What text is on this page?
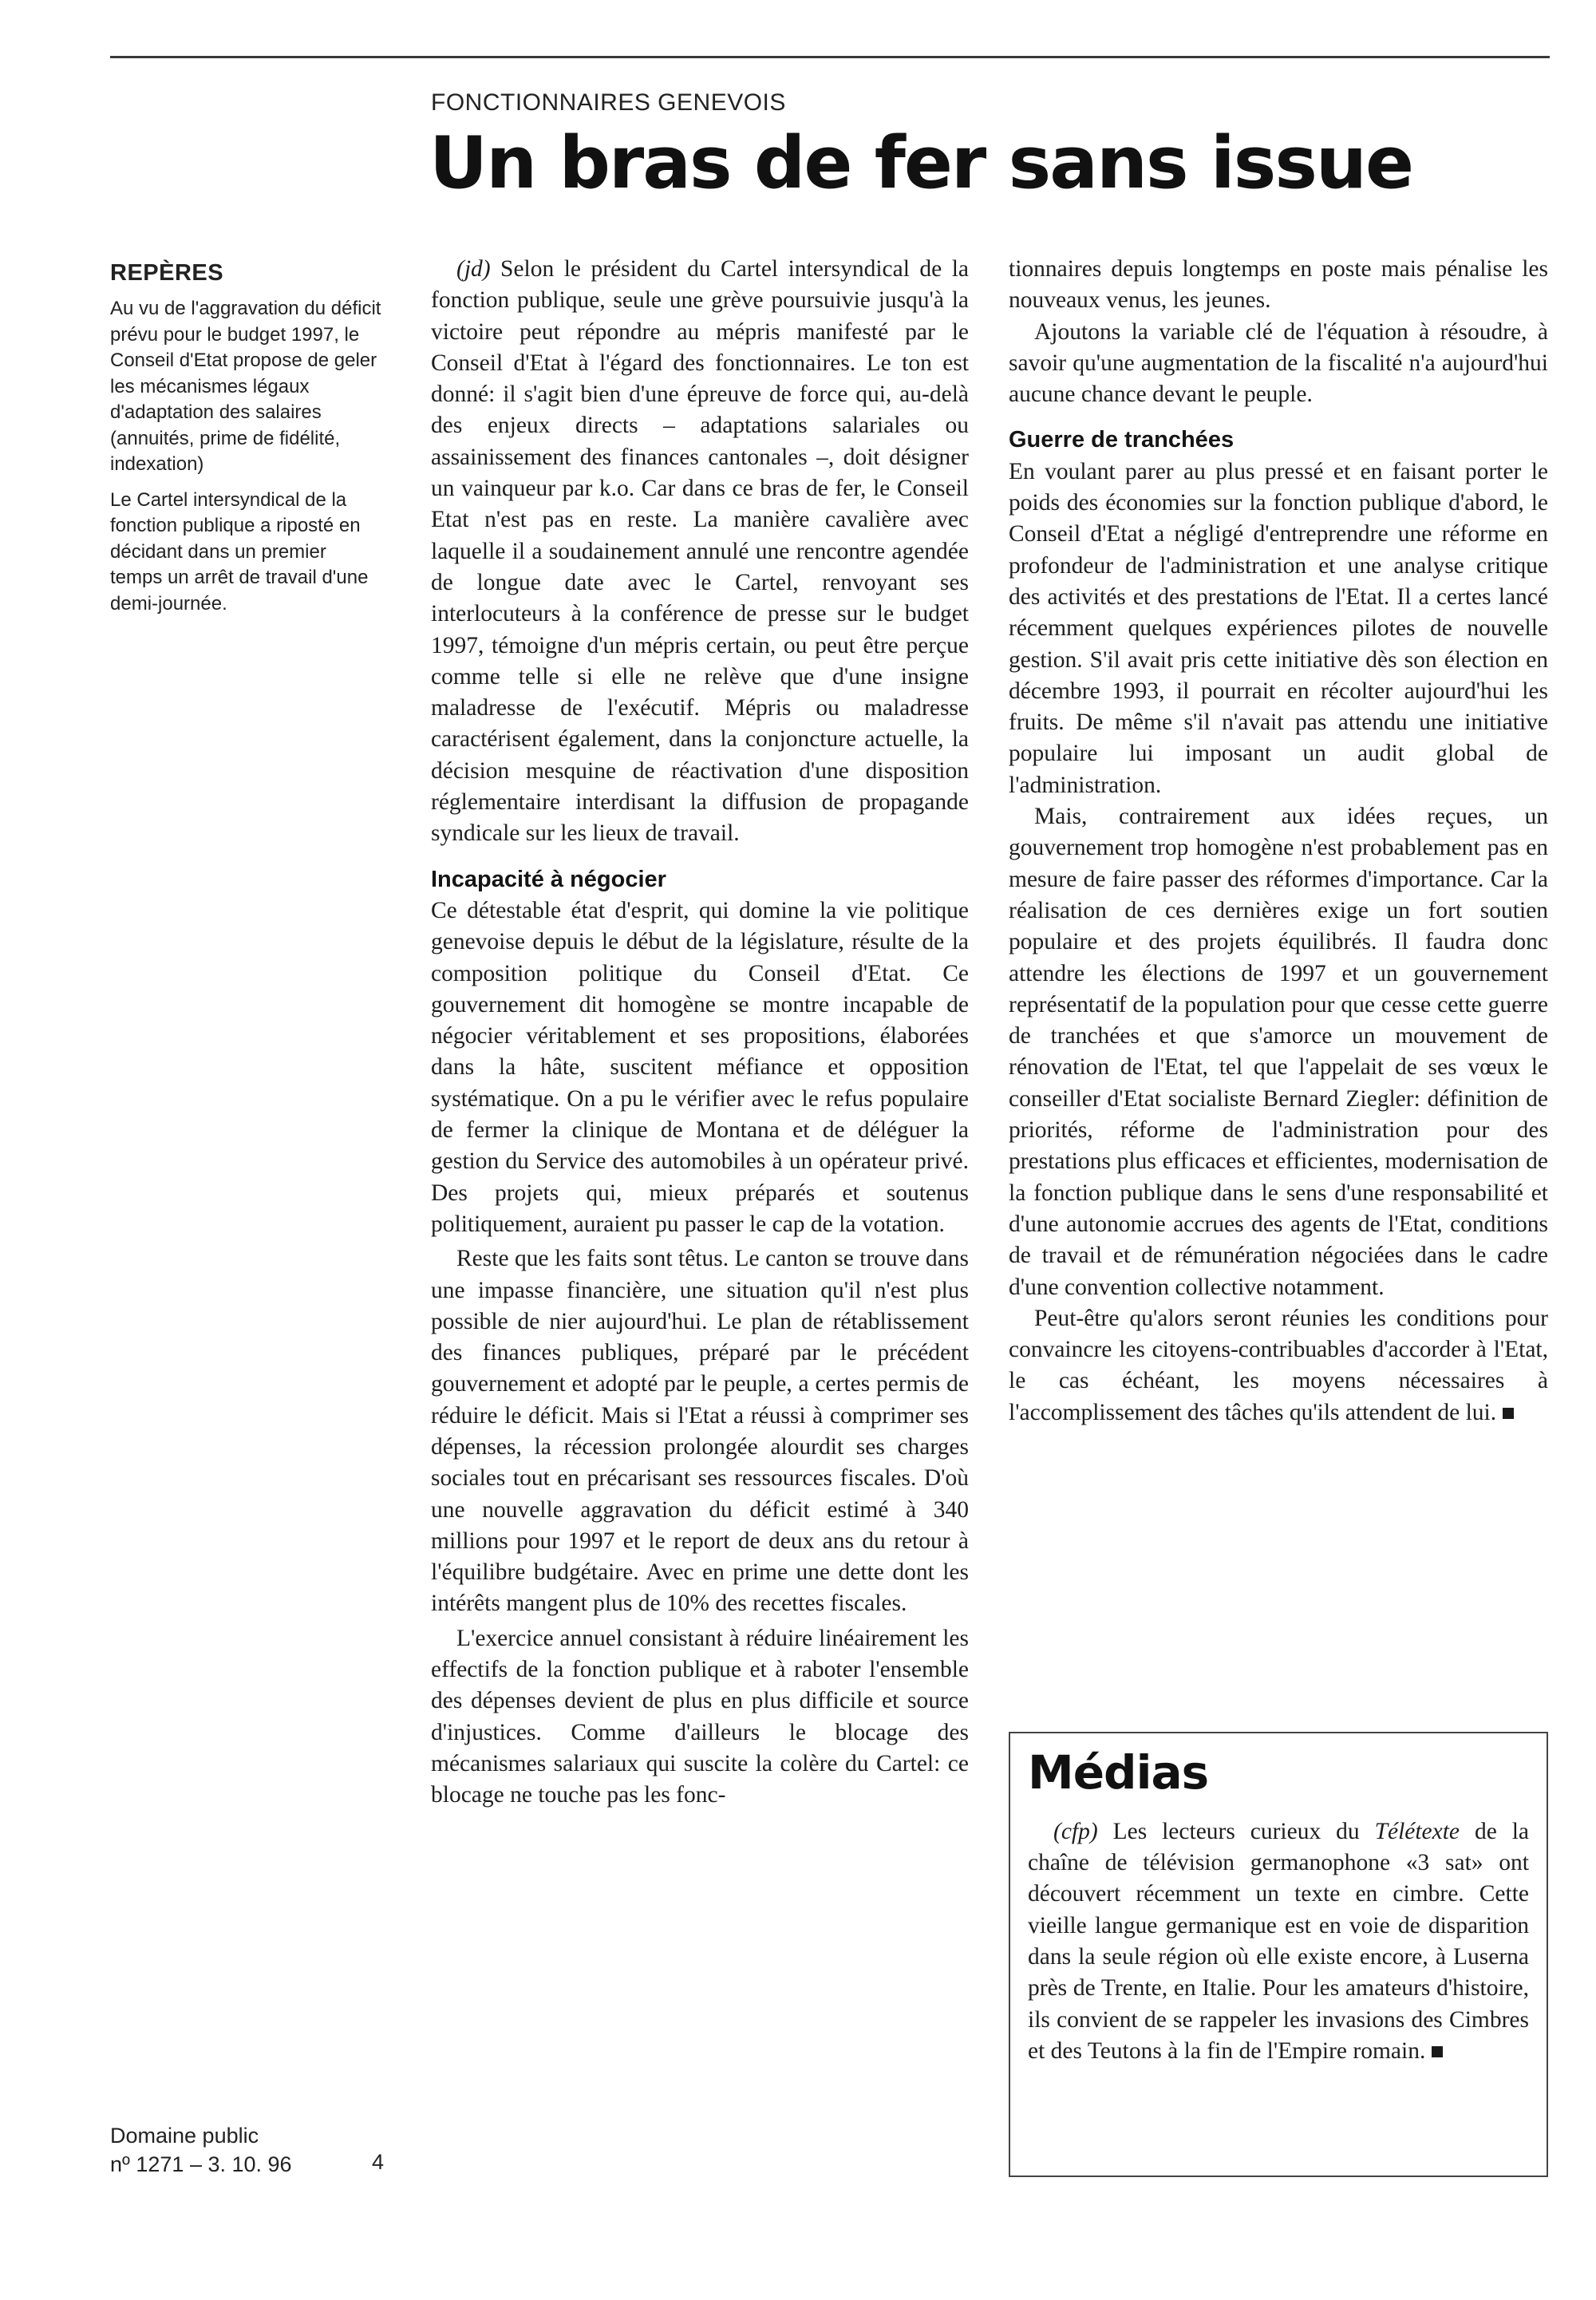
FONCTIONNAIRES GENEVOIS
Un bras de fer sans issue
REPÈRES

Au vu de l'aggravation du déficit prévu pour le budget 1997, le Conseil d'Etat propose de geler les mécanismes légaux d'adaptation des salaires (annuités, prime de fidélité, indexation)

Le Cartel intersyndical de la fonction publique a riposté en décidant dans un premier temps un arrêt de travail d'une demi-journée.

(jd) Selon le président du Cartel intersyndical de la fonction publique, seule une grève poursuivie jusqu'à la victoire peut répondre au mépris manifesté par le Conseil d'Etat à l'égard des fonctionnaires. Le ton est donné: il s'agit bien d'une épreuve de force qui, au-delà des enjeux directs – adaptations salariales ou assainissement des finances cantonales –, doit désigner un vainqueur par k.o. Car dans ce bras de fer, le Conseil Etat n'est pas en reste. La manière cavalière avec laquelle il a soudainement annulé une rencontre agendée de longue date avec le Cartel, renvoyant ses interlocuteurs à la conférence de presse sur le budget 1997, témoigne d'un mépris certain, ou peut être perçue comme telle si elle ne relève que d'une insigne maladresse de l'exécutif. Mépris ou maladresse caractérisent également, dans la conjoncture actuelle, la décision mesquine de réactivation d'une disposition réglementaire interdisant la diffusion de propagande syndicale sur les lieux de travail.

Incapacité à négocier

Ce détestable état d'esprit, qui domine la vie politique genevoise depuis le début de la législature, résulte de la composition politique du Conseil d'Etat. Ce gouvernement dit homogène se montre incapable de négocier véritablement et ses propositions, élaborées dans la hâte, suscitent méfiance et opposition systématique. On a pu le vérifier avec le refus populaire de fermer la clinique de Montana et de déléguer la gestion du Service des automobiles à un opérateur privé. Des projets qui, mieux préparés et soutenus politiquement, auraient pu passer le cap de la votation.

Reste que les faits sont têtus. Le canton se trouve dans une impasse financière, une situation qu'il n'est plus possible de nier aujourd'hui. Le plan de rétablissement des finances publiques, préparé par le précédent gouvernement et adopté par le peuple, a certes permis de réduire le déficit. Mais si l'Etat a réussi à comprimer ses dépenses, la récession prolongée alourdit ses charges sociales tout en précarisant ses ressources fiscales. D'où une nouvelle aggravation du déficit estimé à 340 millions pour 1997 et le report de deux ans du retour à l'équilibre budgétaire. Avec en prime une dette dont les intérêts mangent plus de 10% des recettes fiscales.

L'exercice annuel consistant à réduire linéairement les effectifs de la fonction publique et à raboter l'ensemble des dépenses devient de plus en plus difficile et source d'injustices. Comme d'ailleurs le blocage des mécanismes salariaux qui suscite la colère du Cartel: ce blocage ne touche pas les fonc-

tionnaires depuis longtemps en poste mais pénalise les nouveaux venus, les jeunes.

Ajoutons la variable clé de l'équation à résoudre, à savoir qu'une augmentation de la fiscalité n'a aujourd'hui aucune chance devant le peuple.

Guerre de tranchées

En voulant parer au plus pressé et en faisant porter le poids des économies sur la fonction publique d'abord, le Conseil d'Etat a négligé d'entreprendre une réforme en profondeur de l'administration et une analyse critique des activités et des prestations de l'Etat. Il a certes lancé récemment quelques expériences pilotes de nouvelle gestion. S'il avait pris cette initiative dès son élection en décembre 1993, il pourrait en récolter aujourd'hui les fruits. De même s'il n'avait pas attendu une initiative populaire lui imposant un audit global de l'administration.

Mais, contrairement aux idées reçues, un gouvernement trop homogène n'est probablement pas en mesure de faire passer des réformes d'importance. Car la réalisation de ces dernières exige un fort soutien populaire et des projets équilibrés. Il faudra donc attendre les élections de 1997 et un gouvernement représentatif de la population pour que cesse cette guerre de tranchées et que s'amorce un mouvement de rénovation de l'Etat, tel que l'appelait de ses vœux le conseiller d'Etat socialiste Bernard Ziegler: définition de priorités, réforme de l'administration pour des prestations plus efficaces et efficientes, modernisation de la fonction publique dans le sens d'une responsabilité et d'une autonomie accrues des agents de l'Etat, conditions de travail et de rémunération négociées dans le cadre d'une convention collective notamment.

Peut-être qu'alors seront réunies les conditions pour convaincre les citoyens-contribuables d'accorder à l'Etat, le cas échéant, les moyens nécessaires à l'accomplissement des tâches qu'ils attendent de lui.

Médias

(cfp) Les lecteurs curieux du Télétexte de la chaîne de télévision germanophone «3 sat» ont découvert récemment un texte en cimbre. Cette vieille langue germanique est en voie de disparition dans la seule région où elle existe encore, à Luserna près de Trente, en Italie. Pour les amateurs d'histoire, ils convient de se rappeler les invasions des Cimbres et des Teutons à la fin de l'Empire romain.

Domaine public
nº 1271 – 3. 10. 96	4
